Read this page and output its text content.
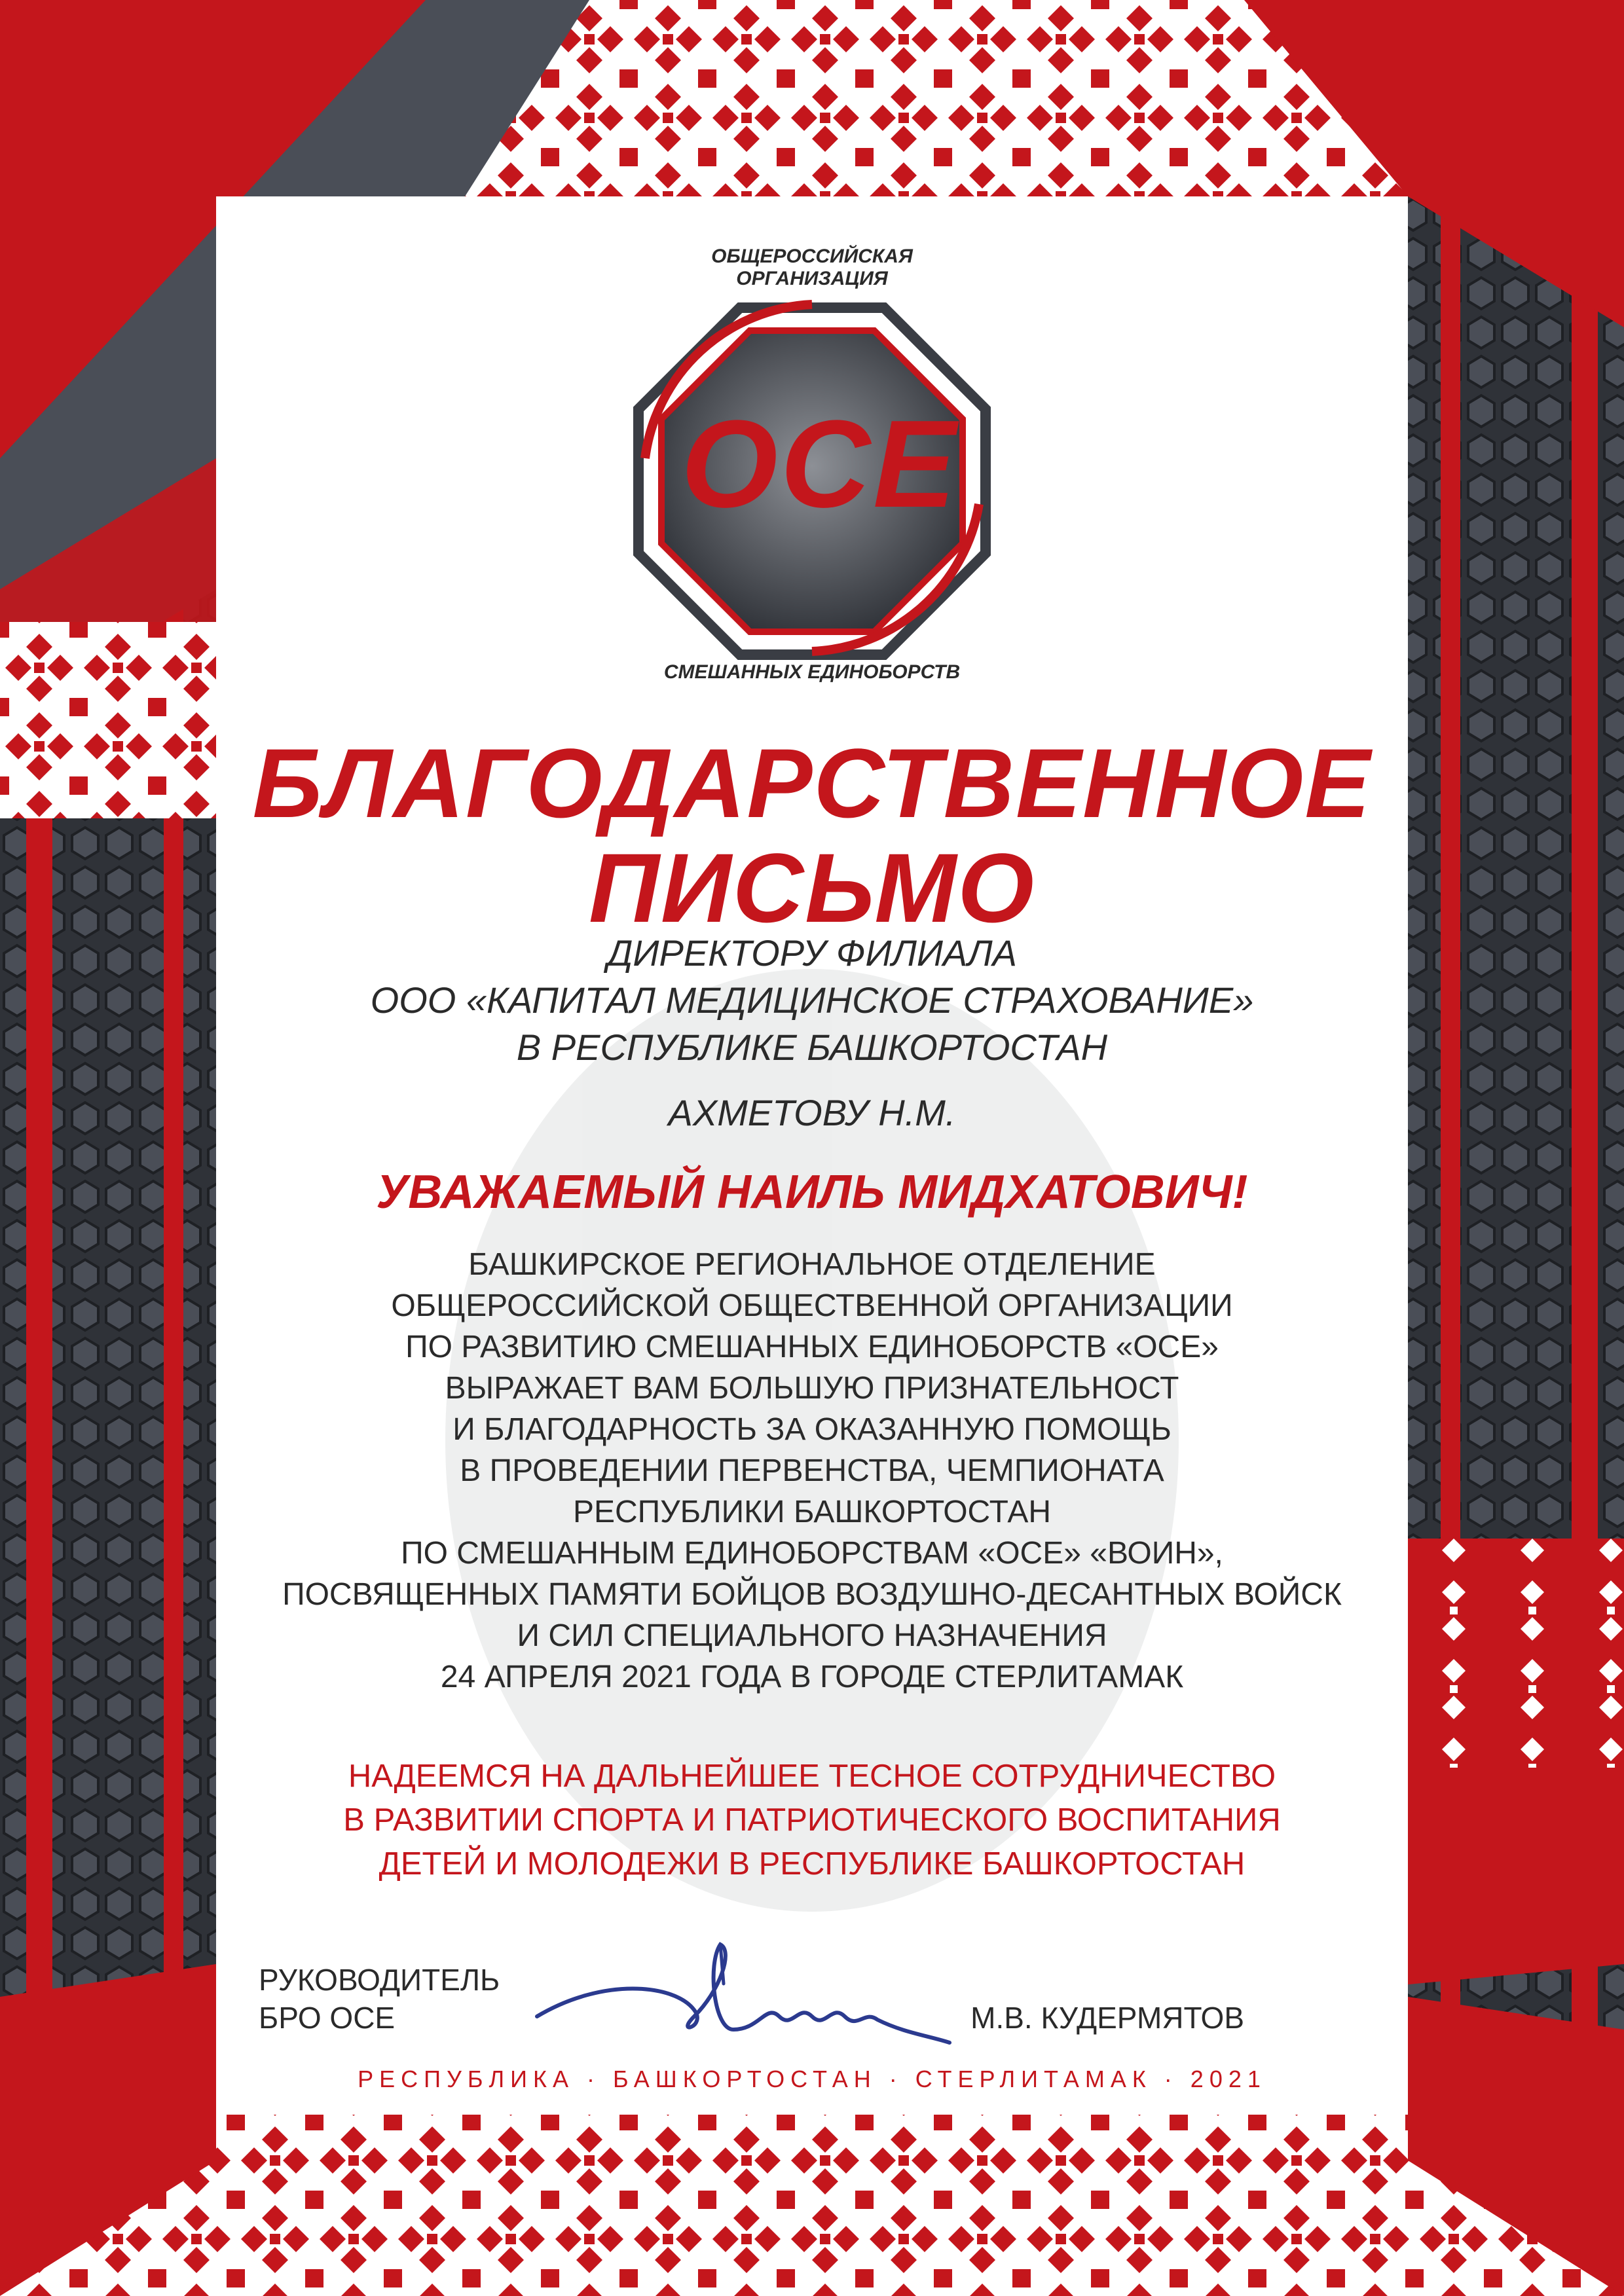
ОБЩЕРОССИЙСКАЯ ОРГАНИЗАЦИЯ
ОСЕ
СМЕШАННЫХ ЕДИНОБОРСТВ
БЛАГОДАРСТВЕННОЕ
ПИСЬМО
ДИРЕКТОРУ ФИЛИАЛА
ООО «КАПИТАЛ МЕДИЦИНСКОЕ СТРАХОВАНИЕ»
В РЕСПУБЛИКЕ БАШКОРТОСТАН
АХМЕТОВУ Н.М.
УВАЖАЕМЫЙ НАИЛЬ МИДХАТОВИЧ!
БАШКИРСКОЕ РЕГИОНАЛЬНОЕ ОТДЕЛЕНИЕ
ОБЩЕРОССИЙСКОЙ ОБЩЕСТВЕННОЙ ОРГАНИЗАЦИИ
ПО РАЗВИТИЮ СМЕШАННЫХ ЕДИНОБОРСТВ «ОСЕ»
ВЫРАЖАЕТ ВАМ БОЛЬШУЮ ПРИЗНАТЕЛЬНОСТ
И БЛАГОДАРНОСТЬ ЗА ОКАЗАННУЮ ПОМОЩЬ
В ПРОВЕДЕНИИ ПЕРВЕНСТВА, ЧЕМПИОНАТА
РЕСПУБЛИКИ БАШКОРТОСТАН
ПО СМЕШАННЫМ ЕДИНОБОРСТВАМ «ОСЕ» «ВОИН»,
ПОСВЯЩЕННЫХ ПАМЯТИ БОЙЦОВ ВОЗДУШНО-ДЕСАНТНЫХ ВОЙСК
И СИЛ СПЕЦИАЛЬНОГО НАЗНАЧЕНИЯ
24 АПРЕЛЯ 2021 ГОДА В ГОРОДЕ СТЕРЛИТАМАК
НАДЕЕМСЯ НА ДАЛЬНЕЙШЕЕ ТЕСНОЕ СОТРУДНИЧЕСТВО
В РАЗВИТИИ СПОРТА И ПАТРИОТИЧЕСКОГО ВОСПИТАНИЯ
ДЕТЕЙ И МОЛОДЕЖИ В РЕСПУБЛИКЕ БАШКОРТОСТАН
РУКОВОДИТЕЛЬ
БРО ОСЕ	М.В. КУДЕРМЯТОВ
РЕСПУБЛИКА · БАШКОРТОСТАН · СТЕРЛИТАМАК · 2021
